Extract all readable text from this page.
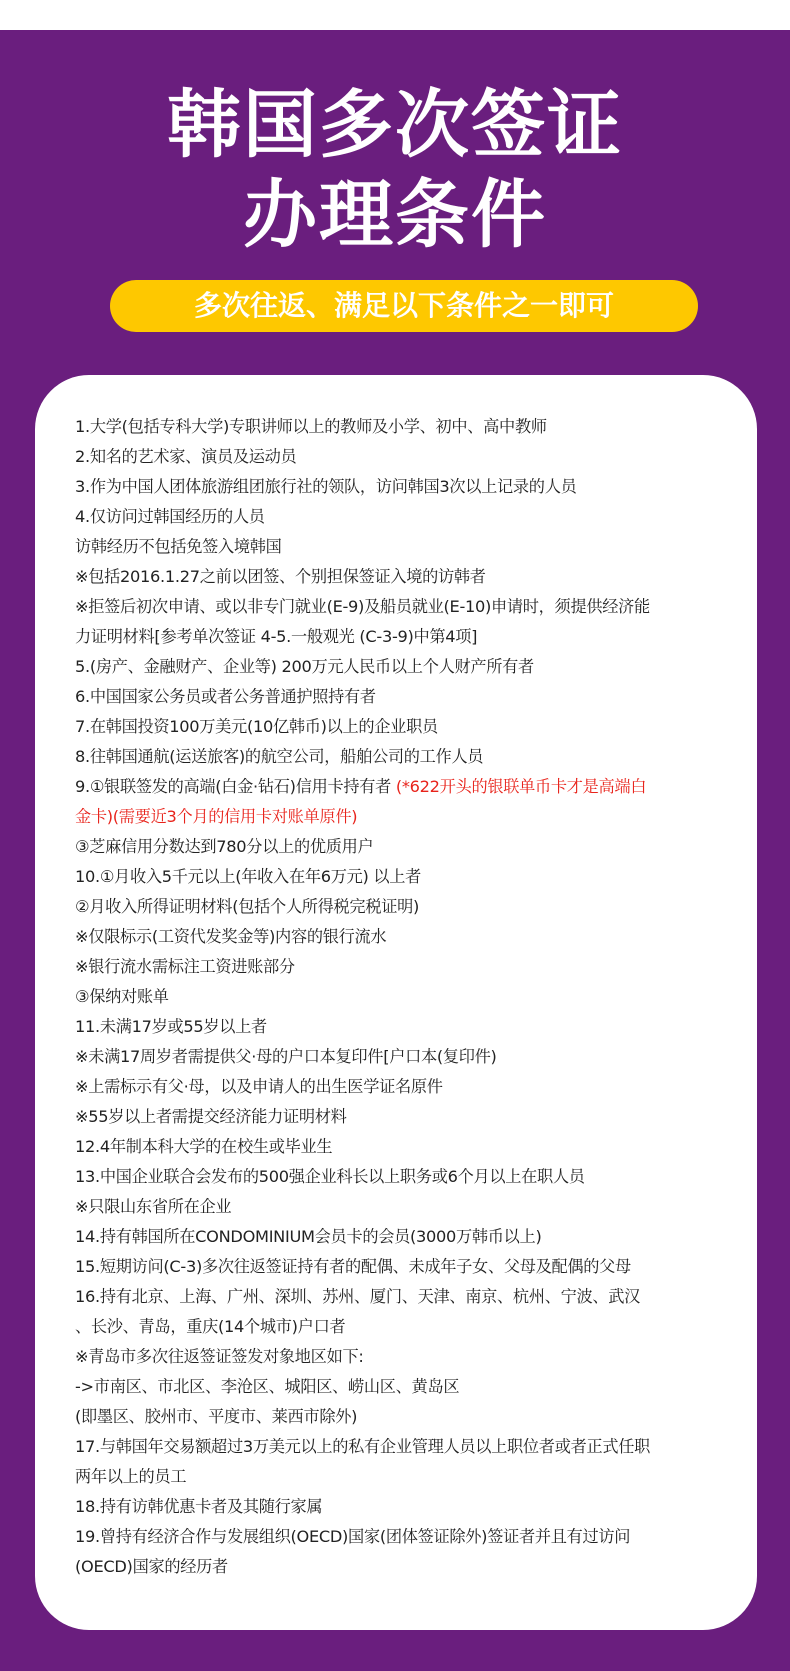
韩国多次签证
办理条件
多次往返、满足以下条件之一即可
1.大学(包括专科大学)专职讲师以上的教师及小学、初中、高中教师
2.知名的艺术家、演员及运动员
3.作为中国人团体旅游组团旅行社的领队，访问韩国3次以上记录的人员
4.仅访问过韩国经历的人员
访韩经历不包括免签入境韩国
※包括2016.1.27之前以团签、个别担保签证入境的访韩者
※拒签后初次申请、或以非专门就业(E-9)及船员就业(E-10)申请时，须提供经济能
力证明材料[参考单次签证 4-5.一般观光 (C-3-9)中第4项]
5.(房产、金融财产、企业等) 200万元人民币以上个人财产所有者
6.中国国家公务员或者公务普通护照持有者
7.在韩国投资100万美元(10亿韩币)以上的企业职员
8.往韩国通航(运送旅客)的航空公司，船舶公司的工作人员
9.①银联签发的高端(白金·钻石)信用卡持有者 (*622开头的银联单币卡才是高端白
金卡)(需要近3个月的信用卡对账单原件)
③芝麻信用分数达到780分以上的优质用户
10.①月收入5千元以上(年收入在年6万元) 以上者
②月收入所得证明材料(包括个人所得税完税证明)
※仅限标示(工资代发奖金等)内容的银行流水
※银行流水需标注工资进账部分
③保纳对账单
11.未满17岁或55岁以上者
※未满17周岁者需提供父·母的户口本复印件[户口本(复印件)
※上需标示有父·母，以及申请人的出生医学证名原件
※55岁以上者需提交经济能力证明材料
12.4年制本科大学的在校生或毕业生
13.中国企业联合会发布的500强企业科长以上职务或6个月以上在职人员
※只限山东省所在企业
14.持有韩国所在CONDOMINIUM会员卡的会员(3000万韩币以上)
15.短期访问(C-3)多次往返签证持有者的配偶、未成年子女、父母及配偶的父母
16.持有北京、上海、广州、深圳、苏州、厦门、天津、南京、杭州、宁波、武汉
、长沙、青岛，重庆(14个城市)户口者
※青岛市多次往返签证签发对象地区如下:
->市南区、市北区、李沧区、城阳区、崂山区、黄岛区
(即墨区、胶州市、平度市、莱西市除外)
17.与韩国年交易额超过3万美元以上的私有企业管理人员以上职位者或者正式任职
两年以上的员工
18.持有访韩优惠卡者及其随行家属
19.曾持有经济合作与发展组织(OECD)国家(团体签证除外)签证者并且有过访问
(OECD)国家的经历者
